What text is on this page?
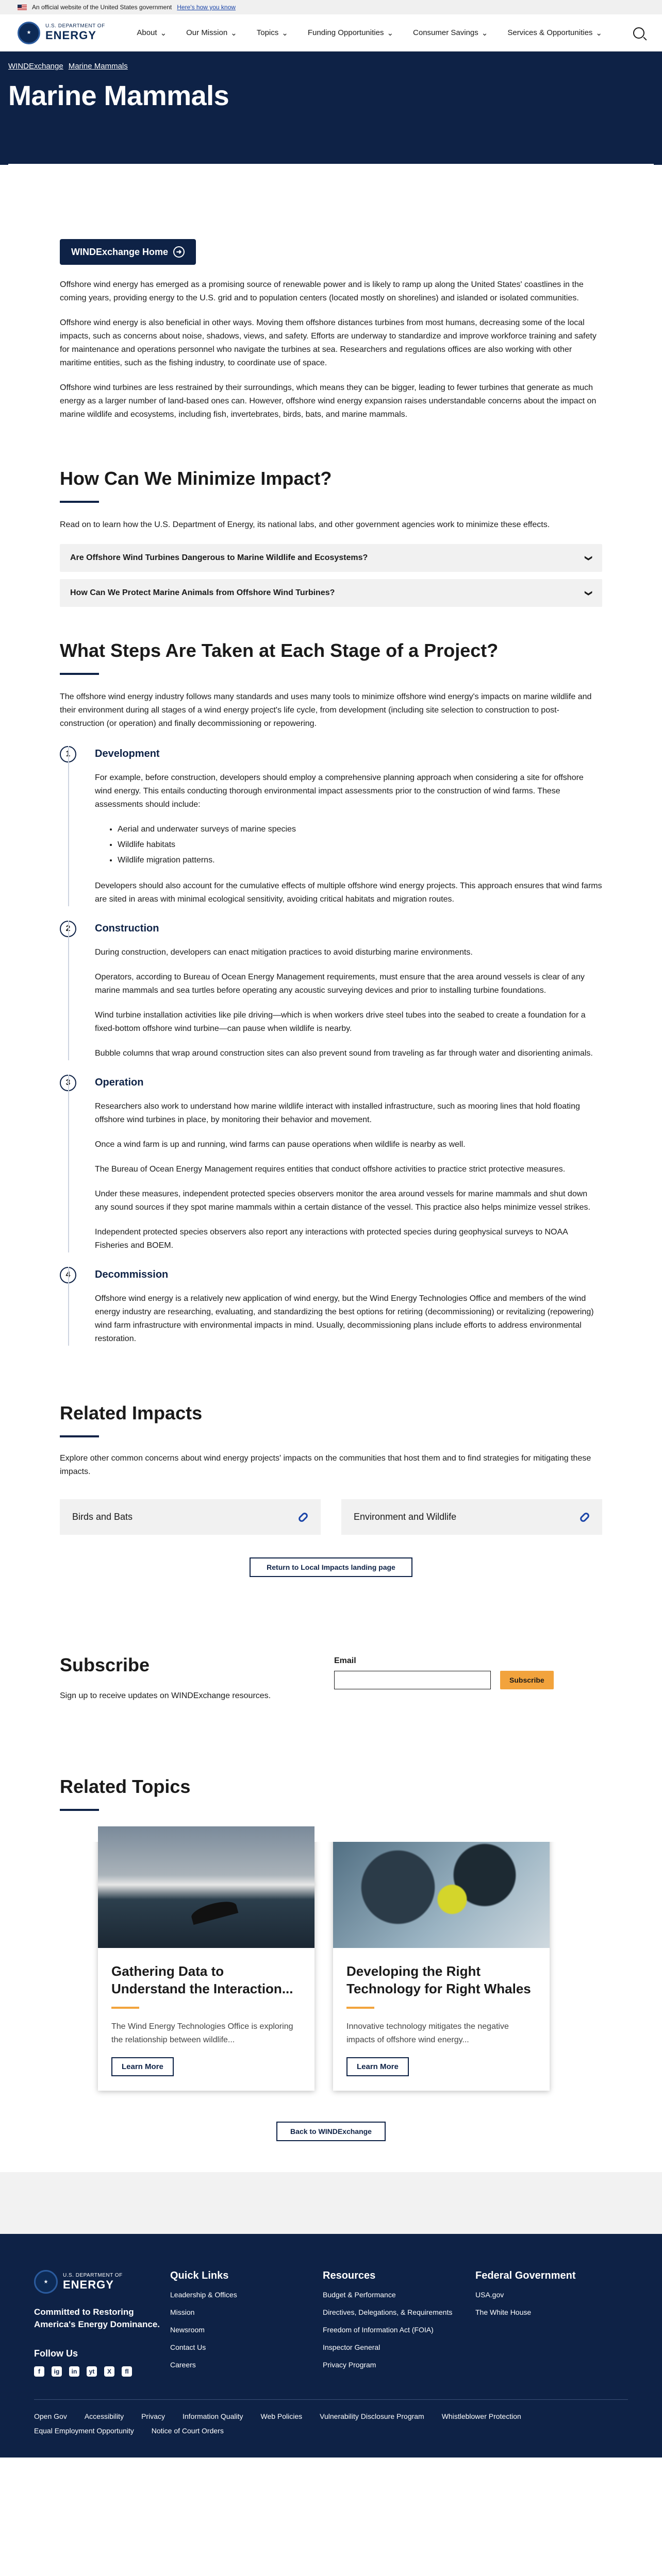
An official website of the United States government Here's how you know
★
U.S. DEPARTMENT OF
ENERGY	About ⌄	Our Mission ⌄	Topics ⌄	Funding Opportunities ⌄	Consumer Savings ⌄	Services & Opportunities ⌄
WINDExchange Marine Mammals
Marine Mammals
WINDExchange Home	➜

Offshore wind energy has emerged as a promising source of renewable power and is likely to ramp up along the United States' coastlines in the coming years, providing energy to the U.S. grid and to population centers (located mostly on shorelines) and islanded or isolated communities.

Offshore wind energy is also beneficial in other ways. Moving them offshore distances turbines from most humans, decreasing some of the local impacts, such as concerns about noise, shadows, views, and safety. Efforts are underway to standardize and improve workforce training and safety for maintenance and operations personnel who navigate the turbines at sea. Researchers and regulations offices are also working with other maritime entities, such as the fishing industry, to coordinate use of space.

Offshore wind turbines are less restrained by their surroundings, which means they can be bigger, leading to fewer turbines that generate as much energy as a larger number of land-based ones can. However, offshore wind energy expansion raises understandable concerns about the impact on marine wildlife and ecosystems, including fish, invertebrates, birds, bats, and marine mammals.

How Can We Minimize Impact?

Read on to learn how the U.S. Department of Energy, its national labs, and other government agencies work to minimize these effects.

Are Offshore Wind Turbines Dangerous to Marine Wildlife and Ecosystems?	❯
How Can We Protect Marine Animals from Offshore Wind Turbines?	❯
What Steps Are Taken at Each Stage of a Project?

The offshore wind energy industry follows many standards and uses many tools to minimize offshore wind energy's impacts on marine wildlife and their environment during all stages of a wind energy project's life cycle, from development (including site selection to construction to post-construction (or operation) and finally decommissioning or repowering.

1	Development

For example, before construction, developers should employ a comprehensive planning approach when considering a site for offshore wind energy. This entails conducting thorough environmental impact assessments prior to the construction of wind farms. These assessments should include:

• Aerial and underwater surveys of marine species
• Wildlife habitats
• Wildlife migration patterns.

Developers should also account for the cumulative effects of multiple offshore wind energy projects. This approach ensures that wind farms are sited in areas with minimal ecological sensitivity, avoiding critical habitats and migration routes.

2	Construction

During construction, developers can enact mitigation practices to avoid disturbing marine environments.

Operators, according to Bureau of Ocean Energy Management requirements, must ensure that the area around vessels is clear of any marine mammals and sea turtles before operating any acoustic surveying devices and prior to installing turbine foundations.

Wind turbine installation activities like pile driving—which is when workers drive steel tubes into the seabed to create a foundation for a fixed-bottom offshore wind turbine—can pause when wildlife is nearby.

Bubble columns that wrap around construction sites can also prevent sound from traveling as far through water and disorienting animals.

3	Operation

Researchers also work to understand how marine wildlife interact with installed infrastructure, such as mooring lines that hold floating offshore wind turbines in place, by monitoring their behavior and movement.

Once a wind farm is up and running, wind farms can pause operations when wildlife is nearby as well.

The Bureau of Ocean Energy Management requires entities that conduct offshore activities to practice strict protective measures.

Under these measures, independent protected species observers monitor the area around vessels for marine mammals and shut down any sound sources if they spot marine mammals within a certain distance of the vessel. This practice also helps minimize vessel strikes.

Independent protected species observers also report any interactions with protected species during geophysical surveys to NOAA Fisheries and BOEM.

4	Decommission

Offshore wind energy is a relatively new application of wind energy, but the Wind Energy Technologies Office and members of the wind energy industry are researching, evaluating, and standardizing the best options for retiring (decommissioning) or revitalizing (repowering) wind farm infrastructure with environmental impacts in mind. Usually, decommissioning plans include efforts to address environmental restoration.

Related Impacts

Explore other common concerns about wind energy projects' impacts on the communities that host them and to find strategies for mitigating these impacts.

Birds and Bats	Environment and Wildlife
Return to Local Impacts landing page
Subscribe

Sign up to receive updates on WINDExchange resources.

Email
Subscribe
Related Topics
Gathering Data to Understand the Interaction...
The Wind Energy Technologies Office is exploring the relationship between wildlife...
Learn More
Developing the Right Technology for Right Whales
Innovative technology mitigates the negative impacts of offshore wind energy...
Learn More
Back to WINDExchange
★
U.S. DEPARTMENT OF
ENERGY
Committed to Restoring America's Energy Dominance.
Follow Us
f	ig	in	yt	X	fl
Quick Links
Leadership & Offices
Mission
Newsroom
Contact Us
Careers
Resources
Budget & Performance
Directives, Delegations, & Requirements
Freedom of Information Act (FOIA)
Inspector General
Privacy Program
Federal Government
USA.gov
The White House
Open Gov Accessibility Privacy Information Quality Web Policies Vulnerability Disclosure Program Whistleblower Protection
Equal Employment Opportunity Notice of Court Orders
